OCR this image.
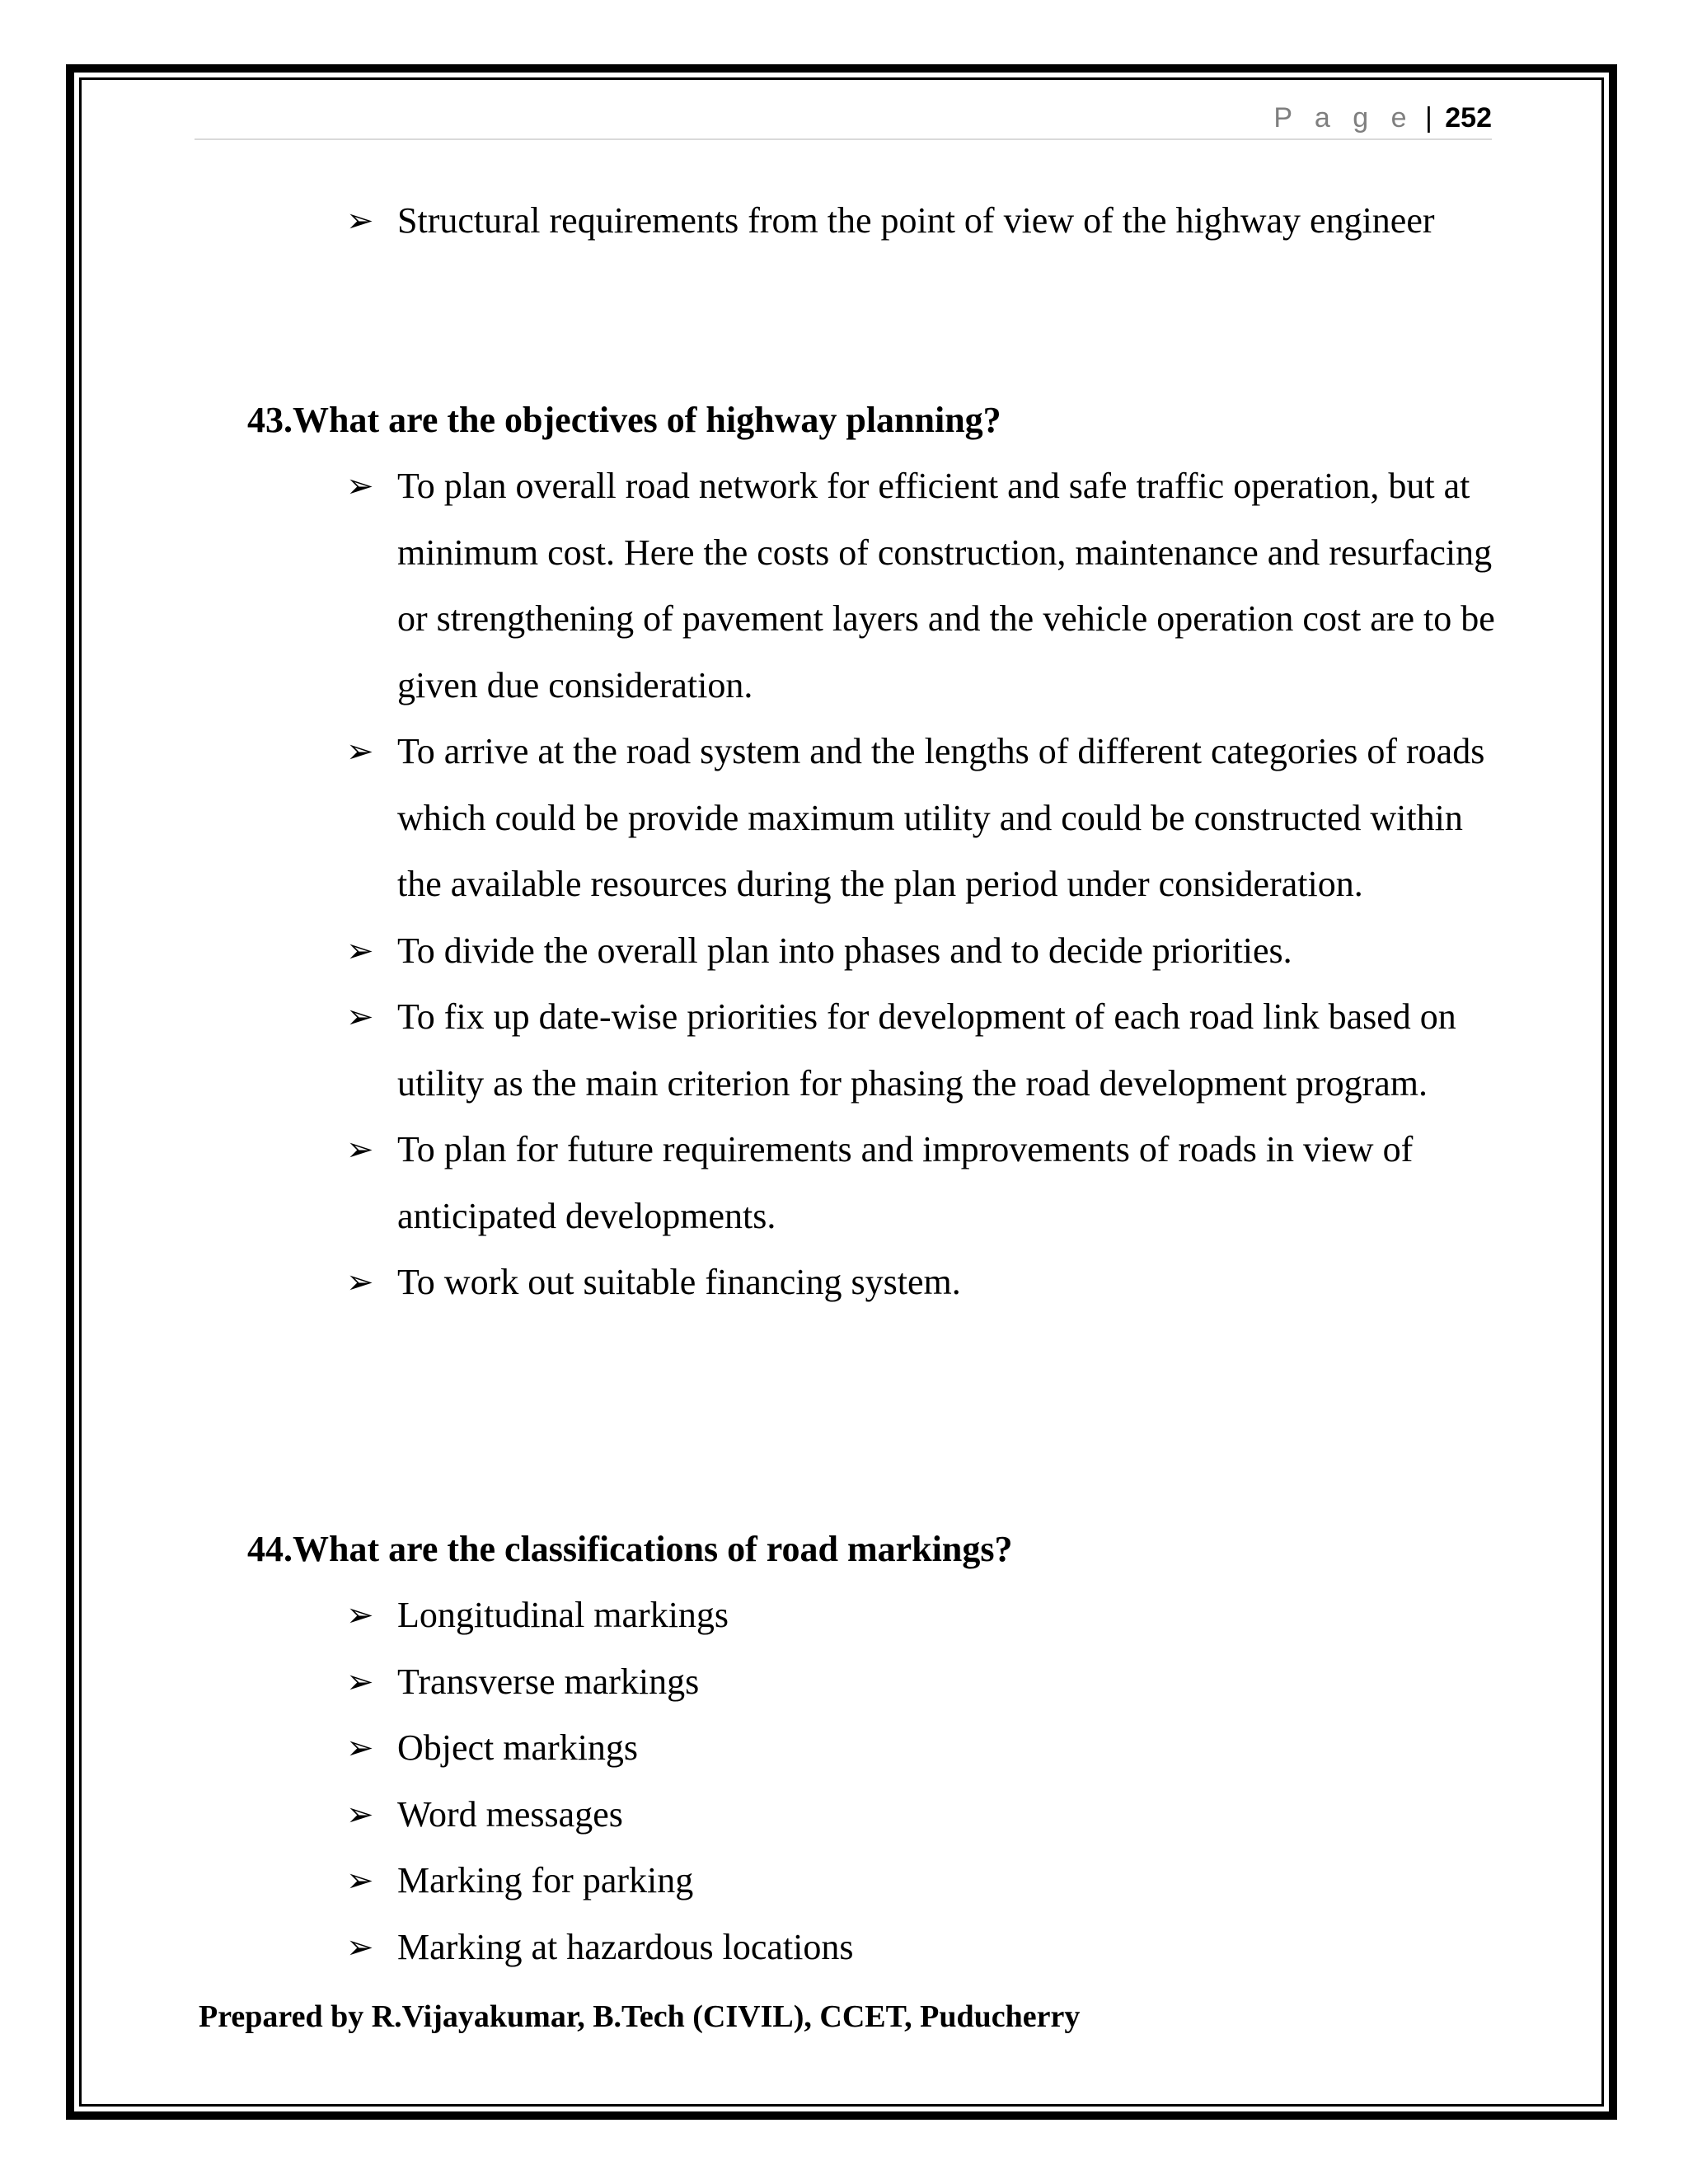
P a g e | 252
➢ Structural requirements from the point of view of the highway engineer
43.What are the objectives of highway planning?
➢ To plan overall road network for efficient and safe traffic operation, but at minimum cost. Here the costs of construction, maintenance and resurfacing or strengthening of pavement layers and the vehicle operation cost are to be given due consideration.
➢ To arrive at the road system and the lengths of different categories of roads which could be provide maximum utility and could be constructed within the available resources during the plan period under consideration.
➢ To divide the overall plan into phases and to decide priorities.
➢ To fix up date-wise priorities for development of each road link based on utility as the main criterion for phasing the road development program.
➢ To plan for future requirements and improvements of roads in view of anticipated developments.
➢ To work out suitable financing system.
44.What are the classifications of road markings?
➢ Longitudinal markings
➢ Transverse markings
➢ Object markings
➢ Word messages
➢ Marking for parking
➢ Marking at hazardous locations
Prepared by R.Vijayakumar, B.Tech (CIVIL), CCET, Puducherry
